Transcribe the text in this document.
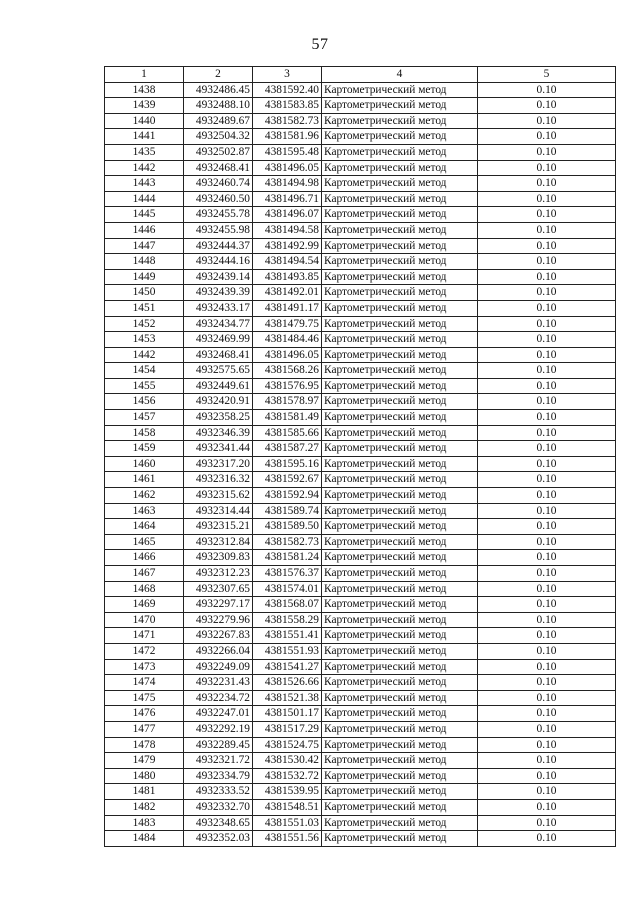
57
1	2	3	4	5
1438	4932486.45	4381592.40	Картометрический метод	0.10
1439	4932488.10	4381583.85	Картометрический метод	0.10
1440	4932489.67	4381582.73	Картометрический метод	0.10
1441	4932504.32	4381581.96	Картометрический метод	0.10
1435	4932502.87	4381595.48	Картометрический метод	0.10
1442	4932468.41	4381496.05	Картометрический метод	0.10
1443	4932460.74	4381494.98	Картометрический метод	0.10
1444	4932460.50	4381496.71	Картометрический метод	0.10
1445	4932455.78	4381496.07	Картометрический метод	0.10
1446	4932455.98	4381494.58	Картометрический метод	0.10
1447	4932444.37	4381492.99	Картометрический метод	0.10
1448	4932444.16	4381494.54	Картометрический метод	0.10
1449	4932439.14	4381493.85	Картометрический метод	0.10
1450	4932439.39	4381492.01	Картометрический метод	0.10
1451	4932433.17	4381491.17	Картометрический метод	0.10
1452	4932434.77	4381479.75	Картометрический метод	0.10
1453	4932469.99	4381484.46	Картометрический метод	0.10
1442	4932468.41	4381496.05	Картометрический метод	0.10
1454	4932575.65	4381568.26	Картометрический метод	0.10
1455	4932449.61	4381576.95	Картометрический метод	0.10
1456	4932420.91	4381578.97	Картометрический метод	0.10
1457	4932358.25	4381581.49	Картометрический метод	0.10
1458	4932346.39	4381585.66	Картометрический метод	0.10
1459	4932341.44	4381587.27	Картометрический метод	0.10
1460	4932317.20	4381595.16	Картометрический метод	0.10
1461	4932316.32	4381592.67	Картометрический метод	0.10
1462	4932315.62	4381592.94	Картометрический метод	0.10
1463	4932314.44	4381589.74	Картометрический метод	0.10
1464	4932315.21	4381589.50	Картометрический метод	0.10
1465	4932312.84	4381582.73	Картометрический метод	0.10
1466	4932309.83	4381581.24	Картометрический метод	0.10
1467	4932312.23	4381576.37	Картометрический метод	0.10
1468	4932307.65	4381574.01	Картометрический метод	0.10
1469	4932297.17	4381568.07	Картометрический метод	0.10
1470	4932279.96	4381558.29	Картометрический метод	0.10
1471	4932267.83	4381551.41	Картометрический метод	0.10
1472	4932266.04	4381551.93	Картометрический метод	0.10
1473	4932249.09	4381541.27	Картометрический метод	0.10
1474	4932231.43	4381526.66	Картометрический метод	0.10
1475	4932234.72	4381521.38	Картометрический метод	0.10
1476	4932247.01	4381501.17	Картометрический метод	0.10
1477	4932292.19	4381517.29	Картометрический метод	0.10
1478	4932289.45	4381524.75	Картометрический метод	0.10
1479	4932321.72	4381530.42	Картометрический метод	0.10
1480	4932334.79	4381532.72	Картометрический метод	0.10
1481	4932333.52	4381539.95	Картометрический метод	0.10
1482	4932332.70	4381548.51	Картометрический метод	0.10
1483	4932348.65	4381551.03	Картометрический метод	0.10
1484	4932352.03	4381551.56	Картометрический метод	0.10
